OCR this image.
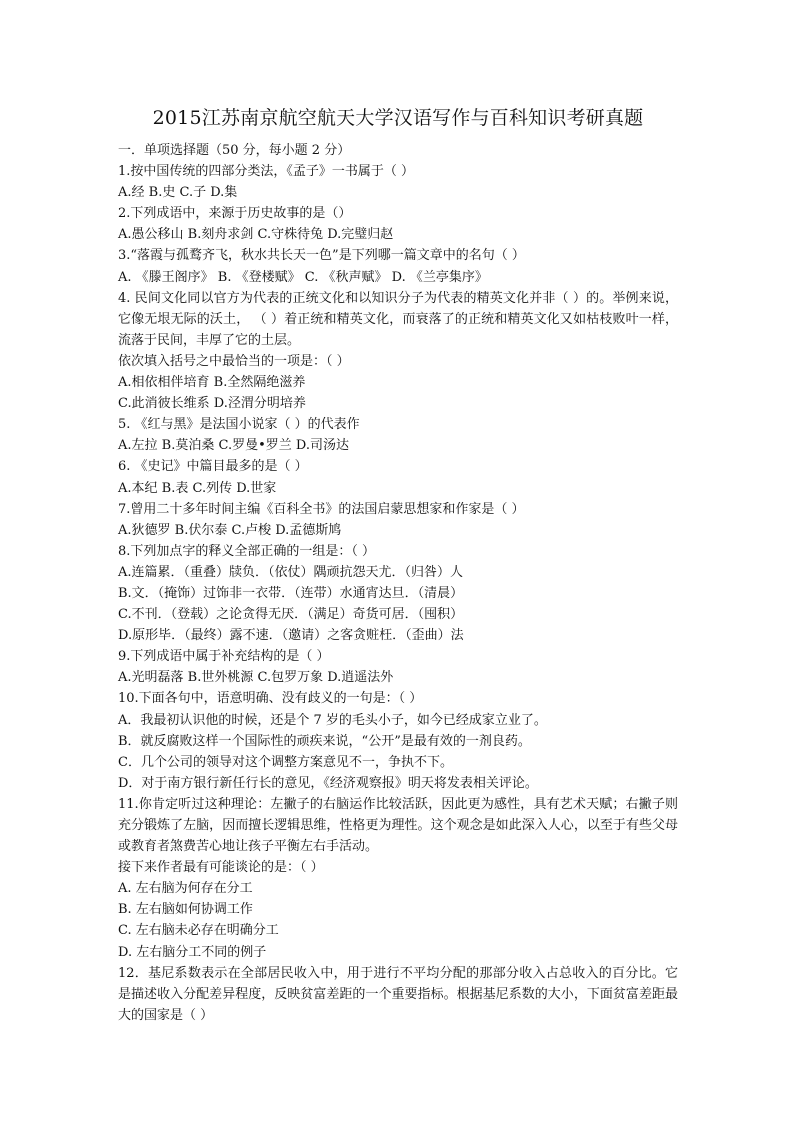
2015江苏南京航空航天大学汉语写作与百科知识考研真题
一．单项选择题（50 分，每小题 2 分）
1.按中国传统的四部分类法，《孟子》一书属于（ ）
A.经 B.史 C.子 D.集
2.下列成语中，来源于历史故事的是（）
A.愚公移山 B.刻舟求剑 C.守株待兔 D.完璧归赵
3.“落霞与孤鹜齐飞，秋水共长天一色”是下列哪一篇文章中的名句（ ）
A. 《滕王阁序》 B. 《登楼赋》 C. 《秋声赋》 D. 《兰亭集序》
4. 民间文化同以官方为代表的正统文化和以知识分子为代表的精英文化并非（ ）的。举例来说，它像无垠无际的沃土， （ ）着正统和精英文化，而衰落了的正统和精英文化又如枯枝败叶一样，流落于民间，丰厚了它的土层。
依次填入括号之中最恰当的一项是：（ ）
A.相依相伴培育 B.全然隔绝滋养
C.此消彼长维系 D.泾渭分明培养
5. 《红与黑》是法国小说家（ ）的代表作
A.左拉 B.莫泊桑 C.罗曼•罗兰 D.司汤达
6. 《史记》中篇目最多的是（ ）
A.本纪 B.表 C.列传 D.世家
7.曾用二十多年时间主编《百科全书》的法国启蒙思想家和作家是（ ）
A.狄德罗 B.伏尔泰 C.卢梭 D.孟德斯鸠
8.下列加点字的释义全部正确的一组是：（ ）
A.连篇累．（重叠）牍负．（依仗）隅顽抗怨天尤．（归咎）人
B.文．（掩饰）过饰非一衣带．（连带）水通宵达旦．（清晨）
C.不刊．（登载）之论贪得无厌．（满足）奇货可居．（囤积）
D.原形毕．（最终）露不速．（邀请）之客贪赃枉．（歪曲）法
9.下列成语中属于补充结构的是（ ）
A.光明磊落 B.世外桃源 C.包罗万象 D.逍遥法外
10.下面各句中，语意明确、没有歧义的一句是：（ ）
A．我最初认识他的时候，还是个 7 岁的毛头小子，如今已经成家立业了。
B．就反腐败这样一个国际性的顽疾来说，“公开”是最有效的一剂良药。
C．几个公司的领导对这个调整方案意见不一，争执不下。
D．对于南方银行新任行长的意见，《经济观察报》明天将发表相关评论。
11.你肯定听过这种理论：左撇子的右脑运作比较活跃，因此更为感性，具有艺术天赋；右撇子则充分锻炼了左脑，因而擅长逻辑思维，性格更为理性。这个观念是如此深入人心，以至于有些父母或教育者煞费苦心地让孩子平衡左右手活动。
接下来作者最有可能谈论的是：（ ）
A. 左右脑为何存在分工
B. 左右脑如何协调工作
C. 左右脑未必存在明确分工
D. 左右脑分工不同的例子
12．基尼系数表示在全部居民收入中，用于进行不平均分配的那部分收入占总收入的百分比。它是描述收入分配差异程度，反映贫富差距的一个重要指标。根据基尼系数的大小，下面贫富差距最大的国家是（ ）
